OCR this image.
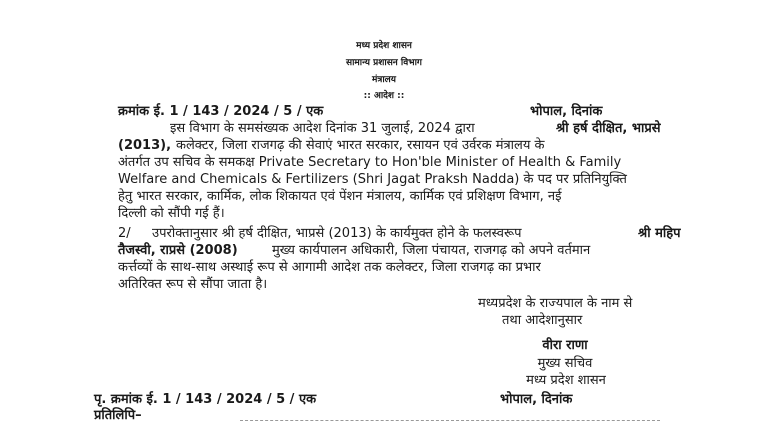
मध्य प्रदेश शासन
सामान्य प्रशासन विभाग
मंत्रालय
:: आदेश ::
क्रमांक ई. 1 / 143 / 2024 / 5 / एक	भोपाल, दिनांक
इस विभाग के समसंख्यक आदेश दिनांक 31 जुलाई, 2024 द्वारा	श्री हर्ष दीक्षित, भाप्रसे
(2013), कलेक्टर, जिला राजगढ़ की सेवाएं भारत सरकार, रसायन एवं उर्वरक मंत्रालय के
अंतर्गत उप सचिव के समकक्ष Private Secretary to Hon'ble Minister of Health & Family
Welfare and Chemicals & Fertilizers (Shri Jagat Praksh Nadda) के पद पर प्रतिनियुक्ति
हेतु भारत सरकार, कार्मिक, लोक शिकायत एवं पेंशन मंत्रालय, कार्मिक एवं प्रशिक्षण विभाग, नई
दिल्ली को सौंपी गई हैं।
2/ उपरोक्तानुसार श्री हर्ष दीक्षित, भाप्रसे (2013) के कार्यमुक्त होने के फलस्वरूप	श्री महिप
तैजस्वी, राप्रसे (2008)	मुख्य कार्यपालन अधिकारी, जिला पंचायत, राजगढ़ को अपने वर्तमान
कर्त्तव्यों के साथ-साथ अस्थाई रूप से आगामी आदेश तक कलेक्टर, जिला राजगढ़ का प्रभार
अतिरिक्त रूप से सौंपा जाता है।
मध्यप्रदेश के राज्यपाल के नाम से
तथा आदेशानुसार
वीरा राणा
मुख्य सचिव
मध्य प्रदेश शासन
पृ. क्रमांक ई. 1 / 143 / 2024 / 5 / एक	भोपाल, दिनांक
प्रतिलिपि–
